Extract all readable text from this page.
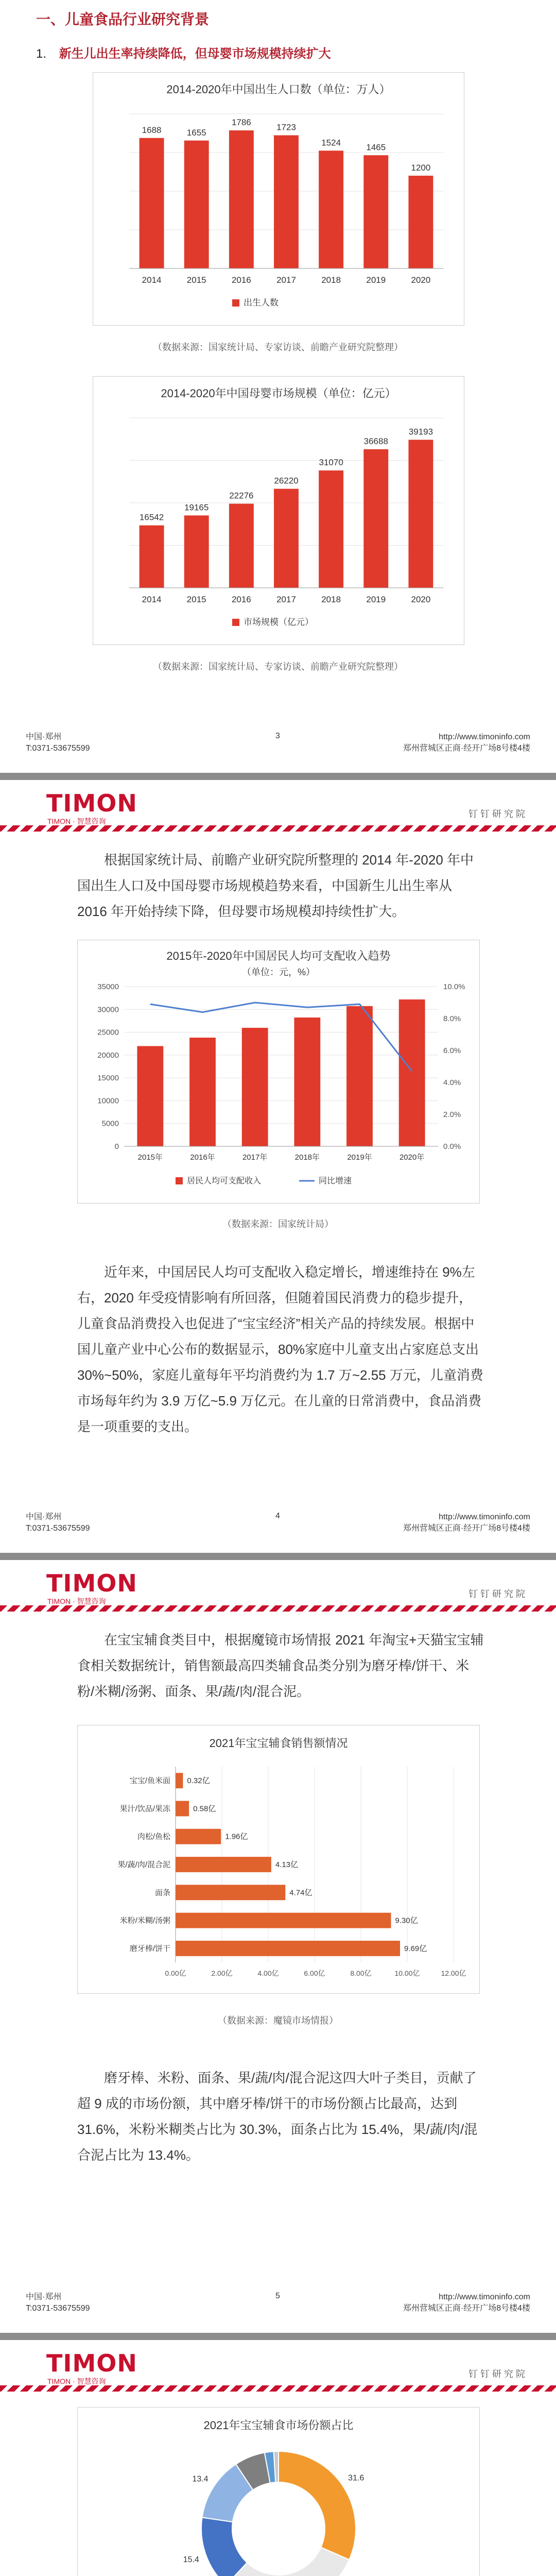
一、儿童食品行业研究背景
1. 新生儿出生率持续降低，但母婴市场规模持续扩大
2014-2020年中国出生人口数（单位：万人）
1688
2014
1655
2015
1786
2016
1723
2017
1524
2018
1465
2019
1200
2020
出生人数
（数据来源：国家统计局、专家访谈、前瞻产业研究院整理）
2014-2020年中国母婴市场规模（单位：亿元）
16542
2014
19165
2015
22276
2016
26220
2017
31070
2018
36688
2019
39193
2020
市场规模（亿元）
（数据来源：国家统计局、专家访谈、前瞻产业研究院整理）
中国·郑州
T:0371-53675599
3	http://www.timoninfo.com
郑州营城区正商·经开广场8号楼4楼
TIMON
TIMON · 智慧咨询
钉 钉 研 究 院

根据国家统计局、前瞻产业研究院所整理的 2014 年-2020 年中国出生人口及中国母婴市场规模趋势来看，中国新生儿出生率从 2016 年开始持续下降，但母婴市场规模却持续性扩大。

2015年-2020年中国居民人均可支配收入趋势
（单位：元，%）
0
5000
10000
15000
20000
25000
30000
35000
0.0%
2.0%
4.0%
6.0%
8.0%
10.0%
2015年	2016年	2017年	2018年	2019年	2020年
居民人均可支配收入	同比增速
（数据来源：国家统计局）

近年来，中国居民人均可支配收入稳定增长，增速维持在 9%左右，2020 年受疫情影响有所回落，但随着国民消费力的稳步提升，儿童食品消费投入也促进了“宝宝经济”相关产品的持续发展。根据中国儿童产业中心公布的数据显示，80%家庭中儿童支出占家庭总支出 30%~50%，家庭儿童每年平均消费约为 1.7 万~2.55 万元，儿童消费市场每年约为 3.9 万亿~5.9 万亿元。在儿童的日常消费中，食品消费是一项重要的支出。

中国·郑州
T:0371-53675599
4	http://www.timoninfo.com
郑州营城区正商·经开广场8号楼4楼
TIMON
TIMON · 智慧咨询
钉 钉 研 究 院

在宝宝辅食类目中，根据魔镜市场情报 2021 年淘宝+天猫宝宝辅食相关数据统计，销售额最高四类辅食品类分别为磨牙棒/饼干、米粉/米糊/汤粥、面条、果/蔬/肉/混合泥。

2021年宝宝辅食销售额情况
0.00亿	2.00亿	4.00亿	6.00亿	8.00亿	10.00亿	12.00亿
宝宝/鱼米面 0.32亿
果汁/饮品/果冻	0.58亿
肉松/鱼松	1.96亿
果/蔬/肉/混合泥	4.13亿
面条	4.74亿
米粉/米糊/汤粥	9.30亿
磨牙棒/饼干	9.69亿
（数据来源：魔镜市场情报）

磨牙棒、米粉、面条、果/蔬/肉/混合泥这四大叶子类目，贡献了超 9 成的市场份额，其中磨牙棒/饼干的市场份额占比最高，达到 31.6%，米粉米糊类占比为 30.3%，面条占比为 15.4%，果/蔬/肉/混合泥占比为 13.4%。

中国·郑州
T:0371-53675599
5	http://www.timoninfo.com
郑州营城区正商·经开广场8号楼4楼
TIMON
TIMON · 智慧咨询
钉 钉 研 究 院
2021年宝宝辅食市场份额占比
31.6
15.4
13.4
